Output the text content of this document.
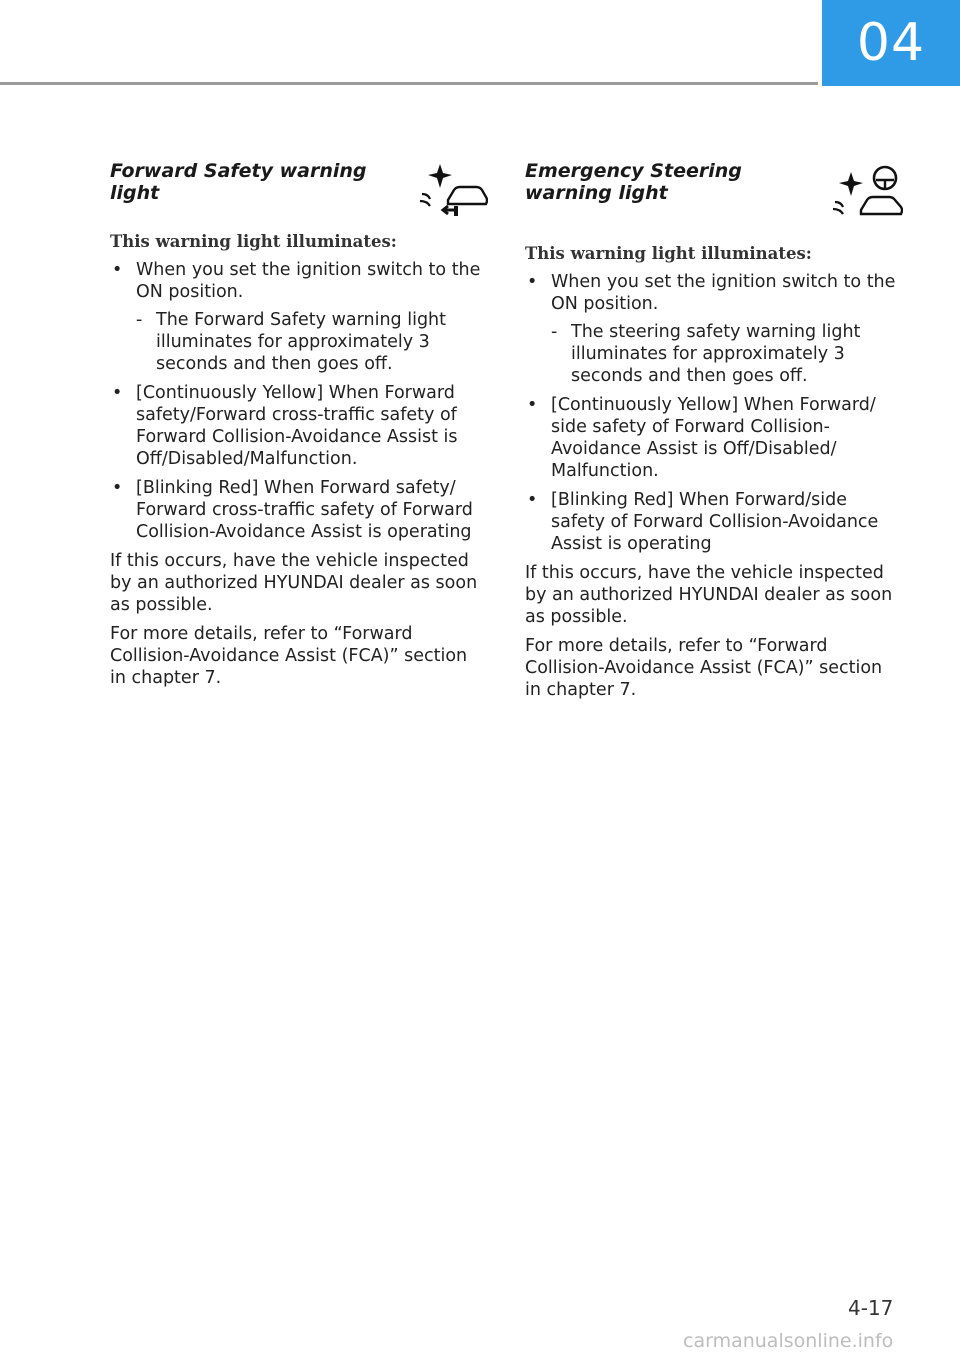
04
Forward Safety warning light
This warning light illuminates:
• When you set the ignition switch to the ON position.
- The Forward Safety warning light illuminates for approximately 3 seconds and then goes off.
• [Continuously Yellow] When Forward safety/Forward cross-traffic safety of Forward Collision-Avoidance Assist is Off/Disabled/Malfunction.
• [Blinking Red] When Forward safety/ Forward cross-traffic safety of Forward Collision-Avoidance Assist is operating

If this occurs, have the vehicle inspected by an authorized HYUNDAI dealer as soon as possible.

For more details, refer to “Forward Collision-Avoidance Assist (FCA)” section in chapter 7.

Emergency Steering warning light
This warning light illuminates:
• When you set the ignition switch to the ON position.
- The steering safety warning light illuminates for approximately 3 seconds and then goes off.
• [Continuously Yellow] When Forward/ side safety of Forward Collision-Avoidance Assist is Off/Disabled/ Malfunction.
• [Blinking Red] When Forward/side safety of Forward Collision-Avoidance Assist is operating

If this occurs, have the vehicle inspected by an authorized HYUNDAI dealer as soon as possible.

For more details, refer to “Forward Collision-Avoidance Assist (FCA)” section in chapter 7.

4-17
carmanualsonline.info
